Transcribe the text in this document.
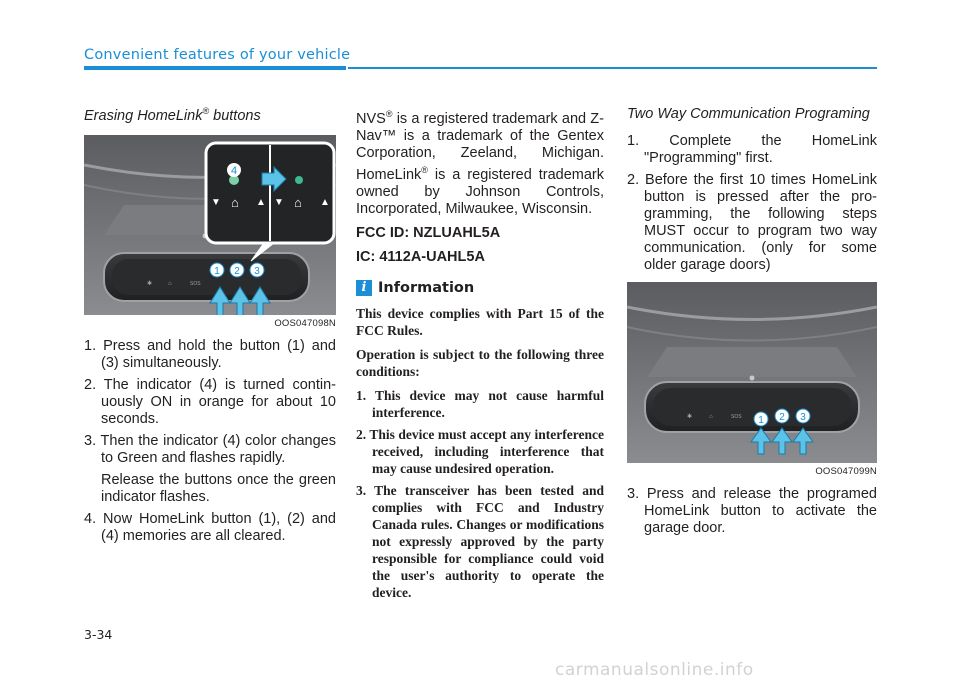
Convenient features of your vehicle
Erasing HomeLink® buttons
✱	⌂	SOS
1 2 3
4
▼ ⌂ ▲ ▼ ⌂ ▲
OOS047098N
1. Press and hold the button (1) and (3) simultaneously.
2. The indicator (4) is turned continuously ON in orange for about 10 seconds.
3. Then the indicator (4) color changes to Green and flashes rapidly.
Release the buttons once the green indicator flashes.
4. Now HomeLink button (1), (2) and (4) memories are all cleared.

NVS® is a registered trademark and Z-Nav™ is a trademark of the Gentex Corporation, Zeeland, Michigan. HomeLink® is a registered trademark owned by Johnson Controls, Incorporated, Milwaukee, Wisconsin.

FCC ID: NZLUAHL5A

IC: 4112A-UAHL5A

i Information

This device complies with Part 15 of the FCC Rules.

Operation is subject to the following three conditions:

1. This device may not cause harmful interference.
2. This device must accept any interference received, including interference that may cause undesired operation.
3. The transceiver has been tested and complies with FCC and Industry Canada rules. Changes or modifications not expressly approved by the party responsible for compliance could void the user's authority to operate the device.
Two Way Communication Programing
1. Complete the HomeLink "Programming" first.
2. Before the first 10 times HomeLink button is pressed after the programming, the following steps MUST occur to program two way communication. (only for some older garage doors)
✱	⌂	SOS 1 2 3
OOS047099N
3. Press and release the programed HomeLink button to activate the garage door.
3-34
carmanualsonline.info
